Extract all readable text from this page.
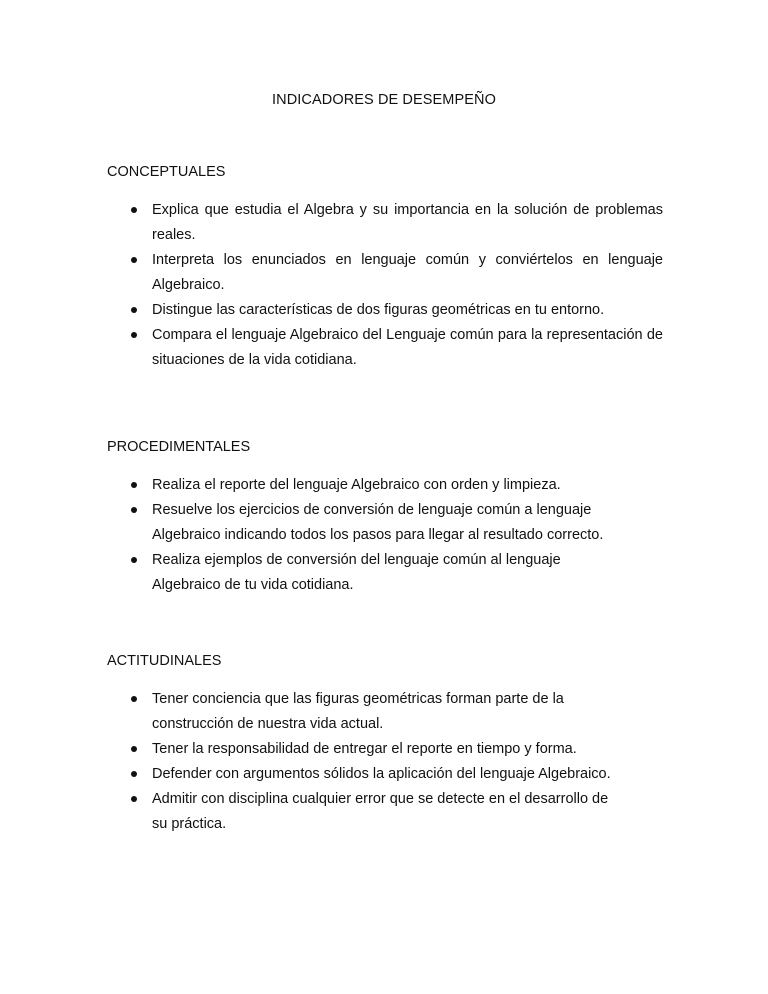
INDICADORES DE DESEMPEÑO
CONCEPTUALES
Explica que estudia el Algebra y su importancia en la solución de problemas reales.
Interpreta los enunciados en lenguaje común y conviértelos en lenguaje Algebraico.
Distingue las características de dos figuras geométricas en tu entorno.
Compara el lenguaje Algebraico del Lenguaje común para la representación de situaciones de la vida cotidiana.
PROCEDIMENTALES
Realiza el reporte del lenguaje Algebraico con orden y limpieza.
Resuelve los ejercicios de conversión de lenguaje común a lenguaje Algebraico indicando todos los pasos para llegar al resultado correcto.
Realiza ejemplos de conversión del lenguaje común al lenguaje Algebraico de tu vida cotidiana.
ACTITUDINALES
Tener conciencia que las figuras geométricas forman parte de la construcción de nuestra vida actual.
Tener la responsabilidad de entregar el reporte en tiempo y forma.
Defender con argumentos sólidos la aplicación del lenguaje Algebraico.
Admitir con disciplina cualquier error que se detecte en el desarrollo de su práctica.
